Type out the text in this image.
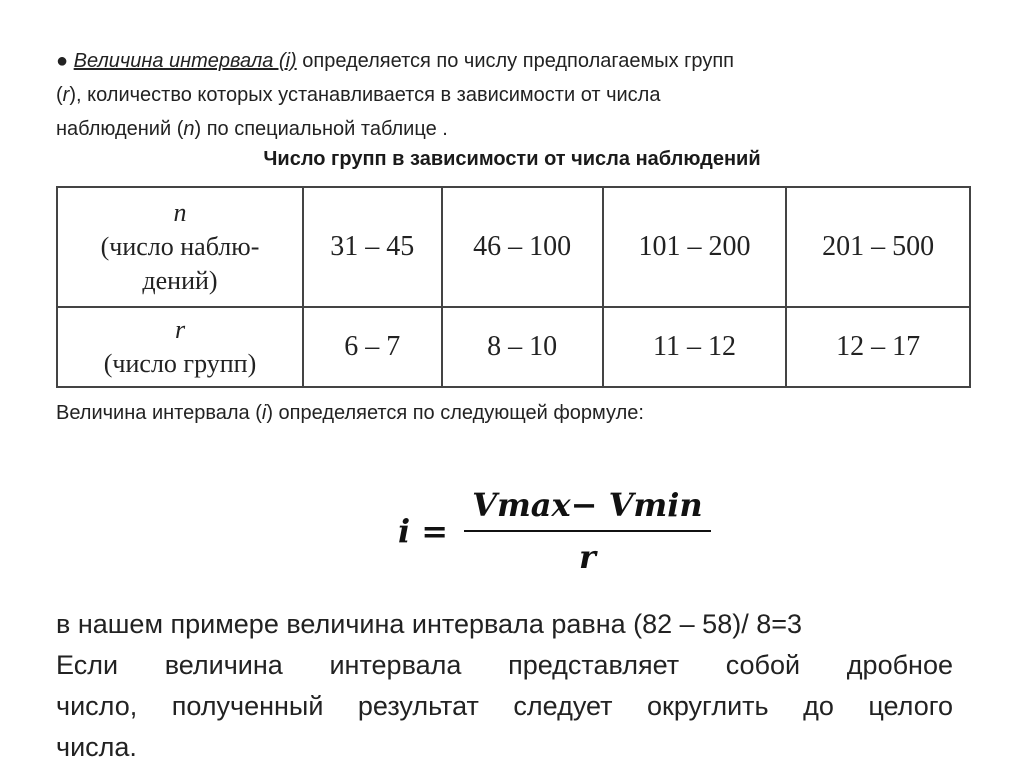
● Величина интервала (i) определяется по числу предполагаемых групп
(r), количество которых устанавливается в зависимости от числа
наблюдений (n) по специальной таблице .
Число групп в зависимости от числа наблюдений
n
(число наблю-
дений)	31 – 45	46 – 100	101 – 200	201 – 500

r
(число групп)	6 – 7	8 – 10	11 – 12	12 – 17
Величина интервала (i) определяется по следующей формуле:
$i = \frac{Vmax- Vmin}{r}$
в нашем примере величина интервала равна (82 – 58)/ 8=3
Если величина интервала представляет собой дробное
число, полученный результат следует округлить до целого
числа.
